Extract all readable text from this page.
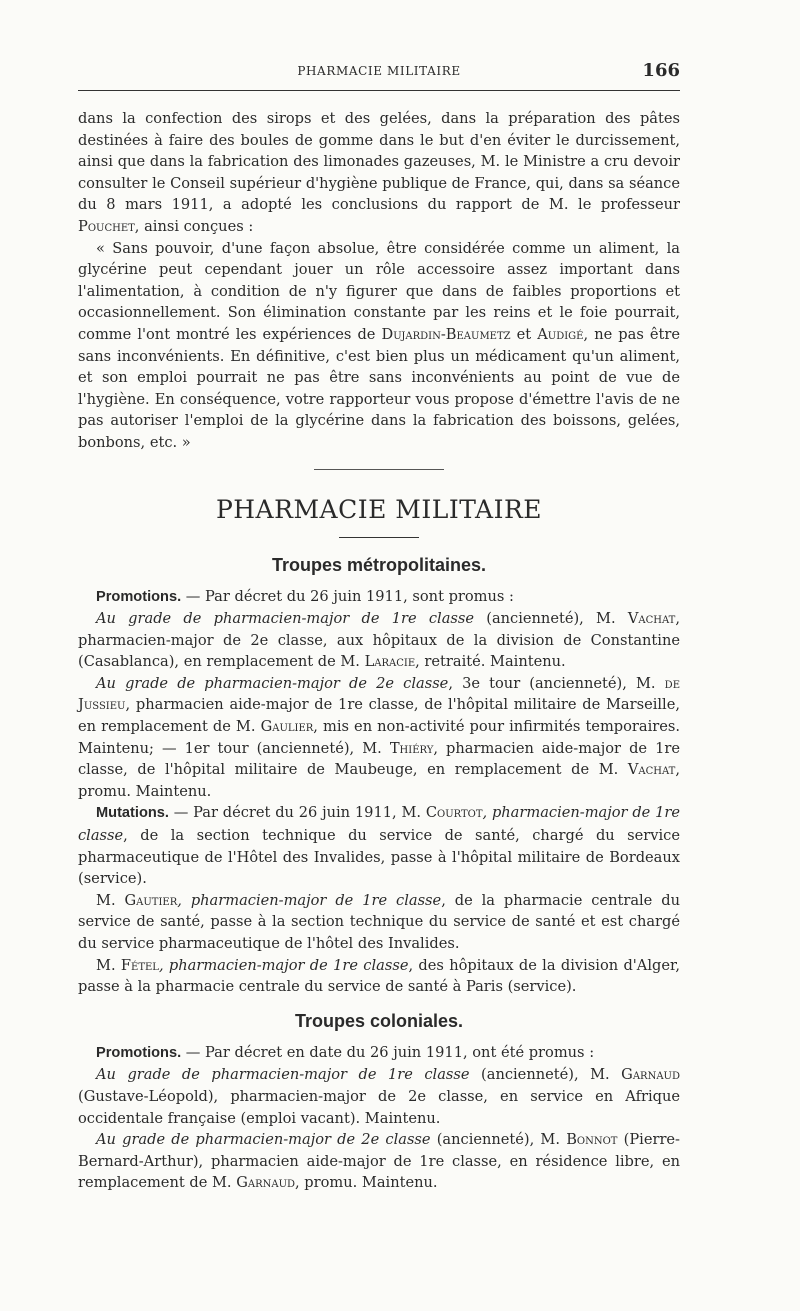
PHARMACIE MILITAIRE	166

dans la confection des sirops et des gelées, dans la préparation des pâtes destinées à faire des boules de gomme dans le but d'en éviter le durcissement, ainsi que dans la fabrication des limonades gazeuses, M. le Ministre a cru devoir consulter le Conseil supérieur d'hygiène publique de France, qui, dans sa séance du 8 mars 1911, a adopté les conclusions du rapport de M. le professeur Pouchet, ainsi conçues :

« Sans pouvoir, d'une façon absolue, être considérée comme un aliment, la glycérine peut cependant jouer un rôle accessoire assez important dans l'alimentation, à condition de n'y figurer que dans de faibles proportions et occasionnellement. Son élimination constante par les reins et le foie pourrait, comme l'ont montré les expériences de Dujardin-Beaumetz et Audigé, ne pas être sans inconvénients. En définitive, c'est bien plus un médicament qu'un aliment, et son emploi pourrait ne pas être sans inconvénients au point de vue de l'hygiène. En conséquence, votre rapporteur vous propose d'émettre l'avis de ne pas autoriser l'emploi de la glycérine dans la fabrication des boissons, gelées, bonbons, etc. »

PHARMACIE MILITAIRE
Troupes métropolitaines.

Promotions. — Par décret du 26 juin 1911, sont promus :

Au grade de pharmacien-major de 1re classe (ancienneté), M. Vachat, pharmacien-major de 2e classe, aux hôpitaux de la division de Constantine (Casablanca), en remplacement de M. Laracie, retraité. Maintenu.

Au grade de pharmacien-major de 2e classe, 3e tour (ancienneté), M. de Jussieu, pharmacien aide-major de 1re classe, de l'hôpital militaire de Marseille, en remplacement de M. Gaulier, mis en non-activité pour infirmités temporaires. Maintenu; — 1er tour (ancienneté), M. Thiéry, pharmacien aide-major de 1re classe, de l'hôpital militaire de Maubeuge, en remplacement de M. Vachat, promu. Maintenu.

Mutations. — Par décret du 26 juin 1911, M. Courtot, pharmacien-major de 1re classe, de la section technique du service de santé, chargé du service pharmaceutique de l'Hôtel des Invalides, passe à l'hôpital militaire de Bordeaux (service).

M. Gautier, pharmacien-major de 1re classe, de la pharmacie centrale du service de santé, passe à la section technique du service de santé et est chargé du service pharmaceutique de l'hôtel des Invalides.

M. Fétel, pharmacien-major de 1re classe, des hôpitaux de la division d'Alger, passe à la pharmacie centrale du service de santé à Paris (service).

Troupes coloniales.

Promotions. — Par décret en date du 26 juin 1911, ont été promus :

Au grade de pharmacien-major de 1re classe (ancienneté), M. Garnaud (Gustave-Léopold), pharmacien-major de 2e classe, en service en Afrique occidentale française (emploi vacant). Maintenu.

Au grade de pharmacien-major de 2e classe (ancienneté), M. Bonnot (Pierre-Bernard-Arthur), pharmacien aide-major de 1re classe, en résidence libre, en remplacement de M. Garnaud, promu. Maintenu.
